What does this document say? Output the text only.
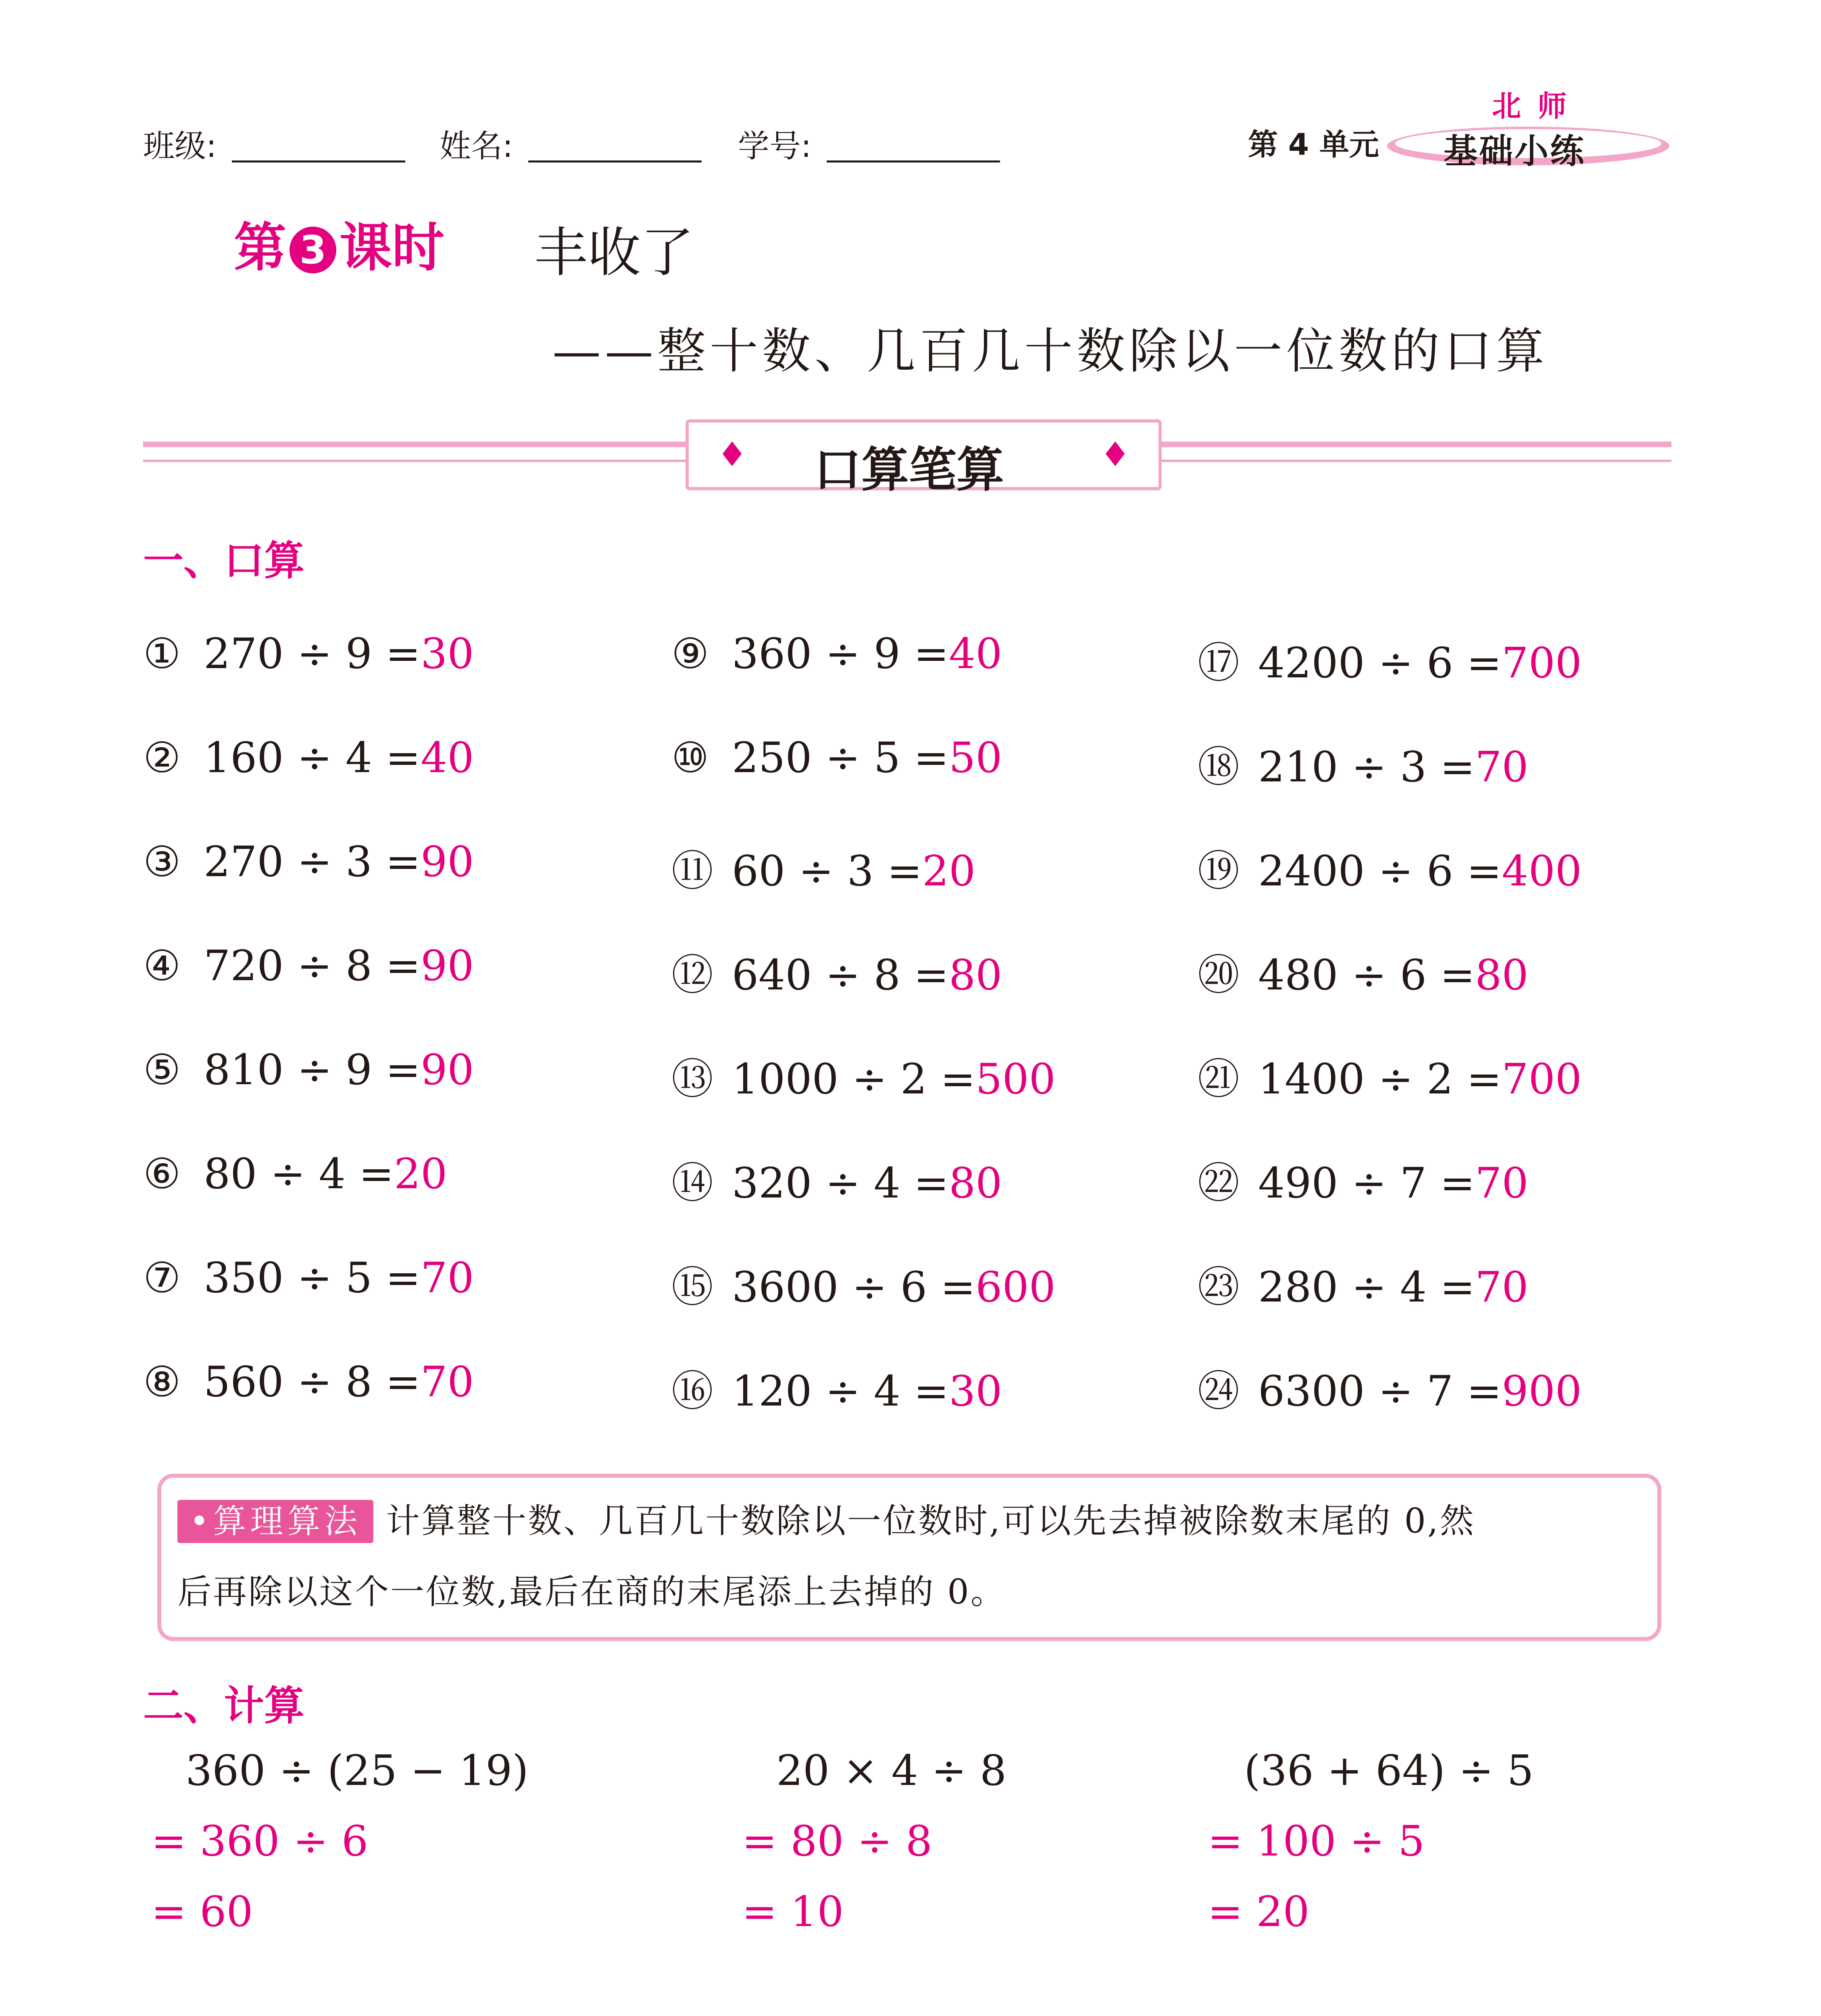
班级:	姓名:	学号:	第 4 单元
北 师
基础小练
第 3 课时 丰收了
——整十数、几百几十数除以一位数的口算
♦ 口算笔算	♦
一、口算
① 270 ÷ 9 =30
② 160 ÷ 4 =40
③ 270 ÷ 3 =90
④ 720 ÷ 8 =90
⑤ 810 ÷ 9 =90
⑥ 80 ÷ 4 =20
⑦ 350 ÷ 5 =70
⑧ 560 ÷ 8 =70
⑨ 360 ÷ 9 =40
⑩ 250 ÷ 5 =50
⑪ 60 ÷ 3 =20
⑫ 640 ÷ 8 =80
⑬ 1000 ÷ 2 =500
⑭ 320 ÷ 4 =80
⑮ 3600 ÷ 6 =600
⑯ 120 ÷ 4 =30
⑰ 4200 ÷ 6 =700
⑱ 210 ÷ 3 =70
⑲ 2400 ÷ 6 =400
⑳ 480 ÷ 6 =80
㉑ 1400 ÷ 2 =700
㉒ 490 ÷ 7 =70
㉓ 280 ÷ 4 =70
㉔ 6300 ÷ 7 =900
•算理算法 计算整十数、几百几十数除以一位数时,可以先去掉被除数末尾的 0,然
后再除以这个一位数,最后在商的末尾添上去掉的 0。
二、计算
360 ÷ (25 − 19)
= 360 ÷ 6
= 60
20 × 4 ÷ 8
= 80 ÷ 8
= 10
(36 + 64) ÷ 5
= 100 ÷ 5
= 20
